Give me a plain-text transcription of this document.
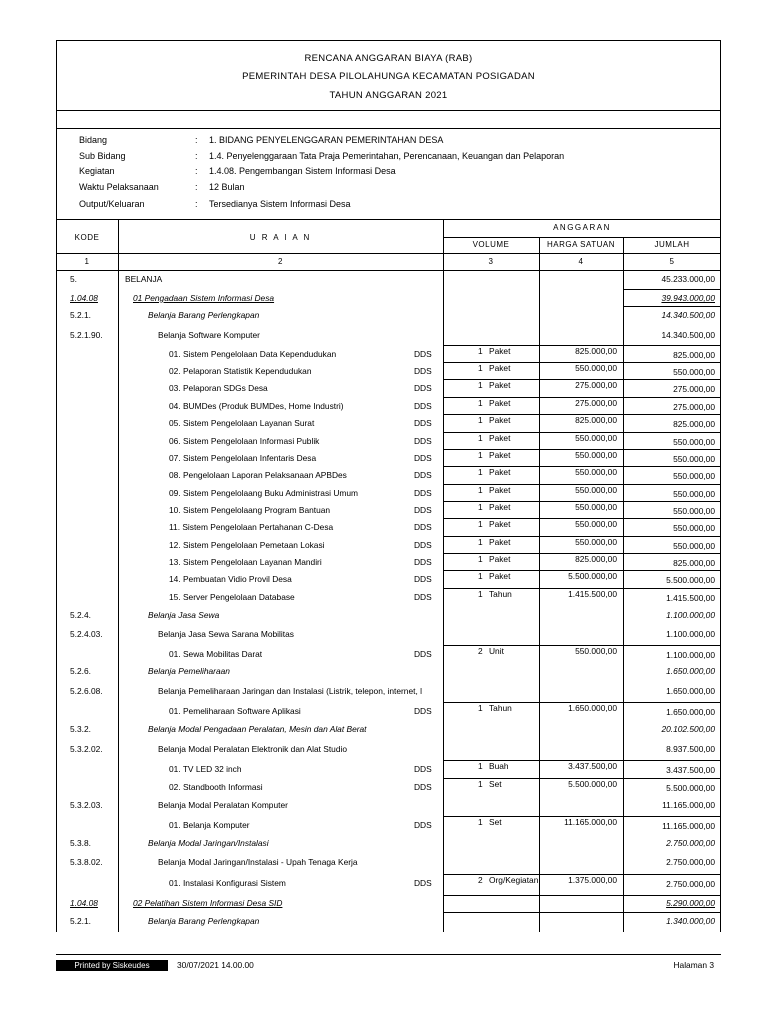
RENCANA ANGGARAN BIAYA (RAB)
PEMERINTAH DESA PILOLAHUNGA KECAMATAN POSIGADAN
TAHUN ANGGARAN 2021
Bidang	: 1. BIDANG PENYELENGGARAN PEMERINTAHAN DESA
Sub Bidang	: 1.4. Penyelenggaraan Tata Praja Pemerintahan, Perencanaan, Keuangan dan Pelaporan
Kegiatan	: 1.4.08. Pengembangan Sistem Informasi Desa
Waktu Pelaksanaan	: 12 Bulan
Output/Keluaran	: Tersedianya Sistem Informasi Desa
KODE	U R A I A N
ANGGARAN
VOLUME	HARGA SATUAN	JUMLAH
1	2	3	4	5
5.	BELANJA	45.233.000,00
1.04.08	01 Pengadaan Sistem Informasi Desa	39.943.000,00
5.2.1.	Belanja Barang Perlengkapan	14.340.500,00
5.2.1.90.	Belanja Software Komputer	14.340.500,00
01. Sistem Pengelolaan Data Kependudukan	DDS	1 Paket	825.000,00	825.000,00
02. Pelaporan Statistik Kependudukan	DDS	1 Paket	550.000,00	550.000,00
03. Pelaporan SDGs Desa	DDS	1 Paket	275.000,00	275.000,00
04. BUMDes (Produk BUMDes, Home Industri)	DDS	1 Paket	275.000,00	275.000,00
05. Sistem Pengelolaan Layanan Surat	DDS	1 Paket	825.000,00	825.000,00
06. Sistem Pengelolaan Informasi Publik	DDS	1 Paket	550.000,00	550.000,00
07. Sistem Pengelolaan Infentaris Desa	DDS	1 Paket	550.000,00	550.000,00
08. Pengelolaan Laporan Pelaksanaan APBDes	DDS	1 Paket	550.000,00	550.000,00
09. Sistem Pengelolaang Buku Administrasi Umum	DDS	1 Paket	550.000,00	550.000,00
10. Sistem Pengelolaang Program Bantuan	DDS	1 Paket	550.000,00	550.000,00
11. Sistem Pengelolaan Pertahanan C-Desa	DDS	1 Paket	550.000,00	550.000,00
12. Sistem Pengelolaan Pemetaan Lokasi	DDS	1 Paket	550.000,00	550.000,00
13. Sistem Pengelolaan Layanan Mandiri	DDS	1 Paket	825.000,00	825.000,00
14. Pembuatan Vidio Provil Desa	DDS	1 Paket	5.500.000,00	5.500.000,00
15. Server Pengelolaan Database	DDS	1 Tahun	1.415.500,00	1.415.500,00
5.2.4.	Belanja Jasa Sewa	1.100.000,00
5.2.4.03.	Belanja Jasa Sewa Sarana Mobilitas	1.100.000,00
01. Sewa Mobilitas Darat	DDS	2 Unit	550.000,00	1.100.000,00
5.2.6.	Belanja Pemeliharaan	1.650.000,00
5.2.6.08.	Belanja Pemeliharaan Jaringan dan Instalasi (Listrik, telepon, internet, l	1.650.000,00
01. Pemeliharaan Software Aplikasi	DDS	1 Tahun	1.650.000,00	1.650.000,00
5.3.2.	Belanja Modal Pengadaan Peralatan, Mesin dan Alat Berat	20.102.500,00
5.3.2.02.	Belanja Modal Peralatan Elektronik dan Alat Studio	8.937.500,00
01. TV LED 32 inch	DDS	1 Buah	3.437.500,00	3.437.500,00
02. Standbooth Informasi	DDS	1 Set	5.500.000,00	5.500.000,00
5.3.2.03.	Belanja Modal Peralatan Komputer	11.165.000,00
01. Belanja Komputer	DDS	1 Set	11.165.000,00	11.165.000,00
5.3.8.	Belanja Modal Jaringan/Instalasi	2.750.000,00
5.3.8.02.	Belanja Modal Jaringan/Instalasi - Upah Tenaga Kerja	2.750.000,00
01. Instalasi Konfigurasi Sistem	DDS	2 Org/Kegiatan	1.375.000,00	2.750.000,00
1.04.08	02 Pelatihan Sistem Informasi Desa SID	5.290.000,00
5.2.1.	Belanja Barang Perlengkapan	1.340.000,00
Printed by Siskeudes	30/07/2021 14.00.00	Halaman 3
